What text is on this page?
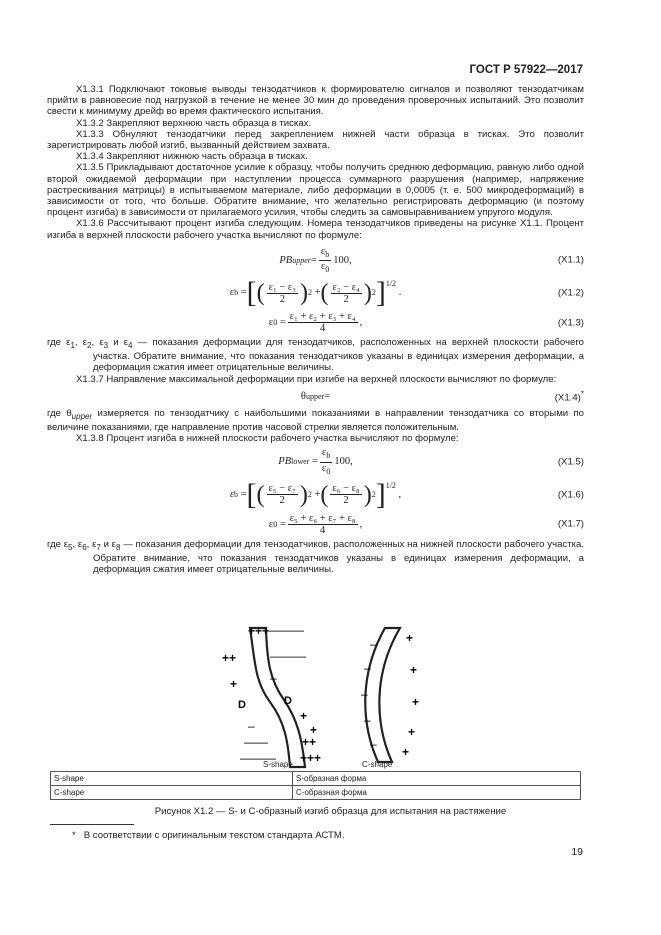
ГОСТ Р 57922—2017

X1.3.1 Подключают токовые выводы тензодатчиков к формирователю сигналов и позволяют тензодатчикам прийти в равновесие под нагрузкой в течение не менее 30 мин до проведения проверочных испытаний. Это позволит свести к минимуму дрейф во время фактического испытания.

X1.3.2 Закрепляют верхнюю часть образца в тисках.

X1.3.3 Обнуляют тензодатчики перед закреплением нижней части образца в тисках. Это позволит зарегистрировать любой изгиб, вызванный действием захвата.

X1.3.4 Закрепляют нижнюю часть образца в тисках.

X1.3.5 Прикладывают достаточное усилие к образцу, чтобы получить среднюю деформацию, равную либо одной второй ожидаемой деформации при наступлении процесса суммарного разрушения (например, напряжение растрескивания матрицы) в испытываемом материале, либо деформации в 0,0005 (т. е. 500 микродеформаций) в зависимости от того, что больше. Обратите внимание, что желательно регистрировать деформацию (и поэтому процент изгиба) в зависимости от прилагаемого усилия, чтобы следить за самовыравниванием упругого модуля.

X1.3.6 Рассчитывают процент изгиба следующим. Номера тензодатчиков приведены на рисунке X1.1. Процент изгиба в верхней плоскости рабочего участка вычисляют по формуле:

PB upper = $\frac{\varepsilon_b}{\varepsilon_0} 100$,	(X1.1)
ε b = [ ( $\frac{\text{ε₁ − ε₃}}{2}$ ) 2 + ( $\frac{\text{ε₂ − ε₄}}{2}$ ) 2 ]$^{1/2}$
.	(X1.2)
ε $0 = \frac{\text{ε₁ + ε₂ + ε₃ + ε₄}}{4}$ ,	(X1.3)

где $\varepsilon_1$, $\varepsilon_2$, $\varepsilon_3$ и $\varepsilon_4$ — показания деформации для тензодатчиков, расположенных на верхней плоскости рабочего участка. Обратите внимание, что показания тензодатчиков указаны в единицах измерения деформации, а деформация сжатия имеет отрицательные величины.

X1.3.7 Направление максимальной деформации при изгибе на верхней плоскости вычисляют по формуле:

θ upper =	(X1.4)*

где $\theta_{upper}$ измеряется по тензодатчику с наибольшими показаниями в направлении тензодатчика со вторыми по величине показаниями, где направление против часовой стрелки является положительным.

X1.3.8 Процент изгиба в нижней плоскости рабочего участка вычисляют по формуле:

PB lower = $\frac{\varepsilon_b}{\varepsilon_0} 100$,	(X1.5)
ε b = [ ( $\frac{\text{ε₅ − ε₇}}{2}$ ) 2 + ( $\frac{\text{ε₆ − ε₈}}{2}$ ) 2 ]$^{1/2}$
,	(X1.6)
ε $0 = \frac{\text{ε₅ + ε₆ + ε₇ + ε₈}}{4}$ ,	(X1.7)

где $\varepsilon_5$, $\varepsilon_6$, $\varepsilon_7$ и $\varepsilon_8$ — показания деформации для тензодатчиков, расположенных на нижней плоскости рабочего участка. Обратите внимание, что показания тензодатчиков указаны в единицах измерения деформации, а деформация сжатия имеет отрицательные величины.

+++
++	———
———
+	–
D	D
+
+
–
——
——— +++
++
+
+
+
+
+
–
–
–
–
–
S-shape	C-shape
S-shape	S-образная форма
C-shape	C-образная форма
Рисунок X1.2 — S- и C-образный изгиб образца для испытания на растяжение
* В соответствии с оригинальным текстом стандарта АСТМ.
19
